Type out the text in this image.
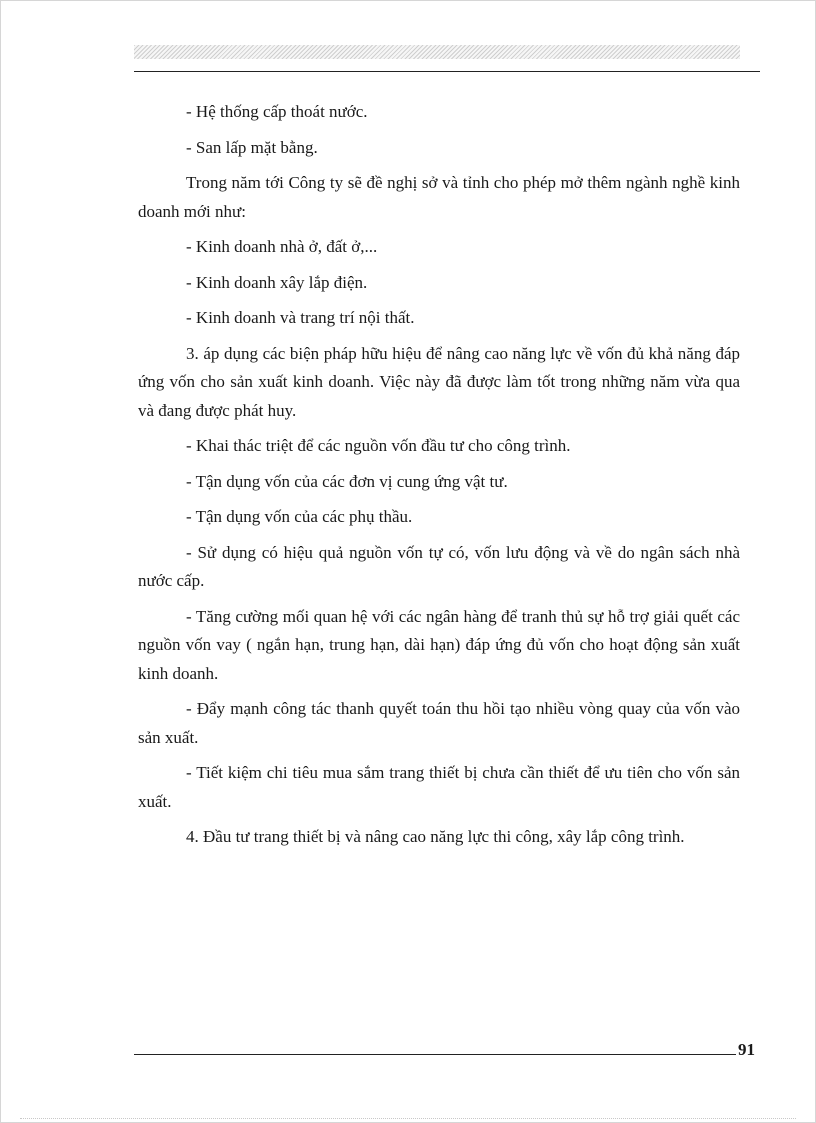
- Hệ thống cấp thoát nước.

- San lấp mặt bằng.

Trong năm tới Công ty sẽ đề nghị sở và tỉnh cho phép mở thêm ngành nghề kinh doanh mới như:

- Kinh doanh nhà ở, đất ở,...

- Kinh doanh xây lắp điện.

- Kinh doanh và trang trí nội thất.

3. áp dụng các biện pháp hữu hiệu để nâng cao năng lực về vốn đủ khả năng đáp ứng vốn cho sản xuất kinh doanh. Việc này đã được làm tốt trong những năm vừa qua và đang được phát huy.

- Khai thác triệt để các nguồn vốn đầu tư cho công trình.

- Tận dụng vốn của các đơn vị cung ứng vật tư.

- Tận dụng vốn của các phụ thầu.

- Sử dụng có hiệu quả nguồn vốn tự có, vốn lưu động và về do ngân sách nhà nước cấp.

- Tăng cường mối quan hệ với các ngân hàng để tranh thủ sự hỗ trợ giải quết các nguồn vốn vay ( ngắn hạn, trung hạn, dài hạn) đáp ứng đủ vốn cho hoạt động sản xuất kinh doanh.

- Đẩy mạnh công tác thanh quyết toán thu hồi tạo nhiều vòng quay của vốn vào sản xuất.

- Tiết kiệm chi tiêu mua sắm trang thiết bị chưa cần thiết để ưu tiên cho vốn sản xuất.

4. Đầu tư trang thiết bị và nâng cao năng lực thi công, xây lắp công trình.

91
